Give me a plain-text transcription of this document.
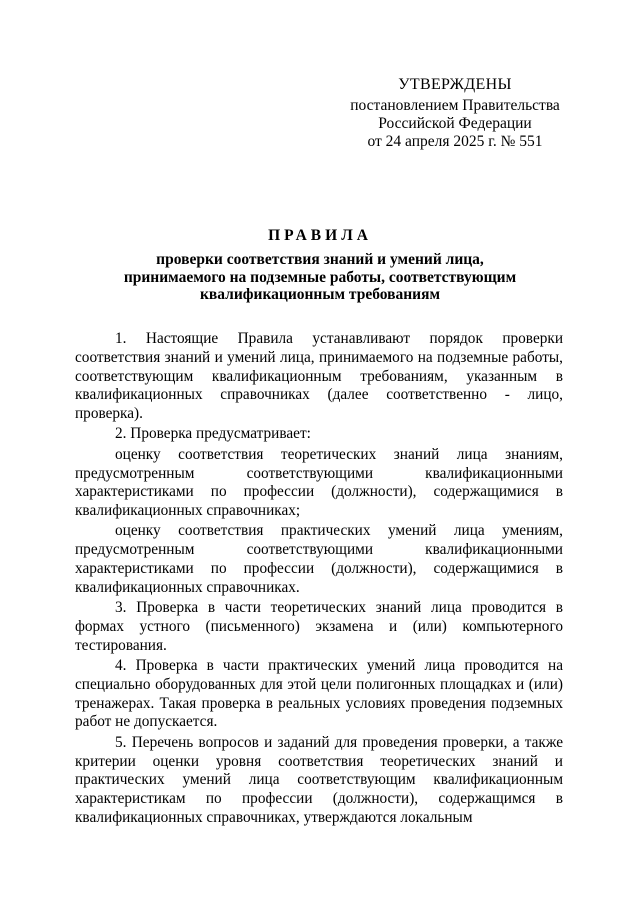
УТВЕРЖДЕНЫ
постановлением Правительства
Российской Федерации
от 24 апреля 2025 г. № 551
ПРАВИЛА
проверки соответствия знаний и умений лица,
принимаемого на подземные работы, соответствующим
квалификационным требованиям

1. Настоящие Правила устанавливают порядок проверки соответствия знаний и умений лица, принимаемого на подземные работы, соответствующим квалификационным требованиям, указанным в квалификационных справочниках (далее соответственно - лицо, проверка).

2. Проверка предусматривает:

оценку соответствия теоретических знаний лица знаниям, предусмотренным соответствующими квалификационными характеристиками по профессии (должности), содержащимися в квалификационных справочниках;

оценку соответствия практических умений лица умениям, предусмотренным соответствующими квалификационными характеристиками по профессии (должности), содержащимися в квалификационных справочниках.

3. Проверка в части теоретических знаний лица проводится в формах устного (письменного) экзамена и (или) компьютерного тестирования.

4. Проверка в части практических умений лица проводится на специально оборудованных для этой цели полигонных площадках и (или) тренажерах. Такая проверка в реальных условиях проведения подземных работ не допускается.

5. Перечень вопросов и заданий для проведения проверки, а также критерии оценки уровня соответствия теоретических знаний и практических умений лица соответствующим квалификационным характеристикам по профессии (должности), содержащимся в квалификационных справочниках, утверждаются локальным
